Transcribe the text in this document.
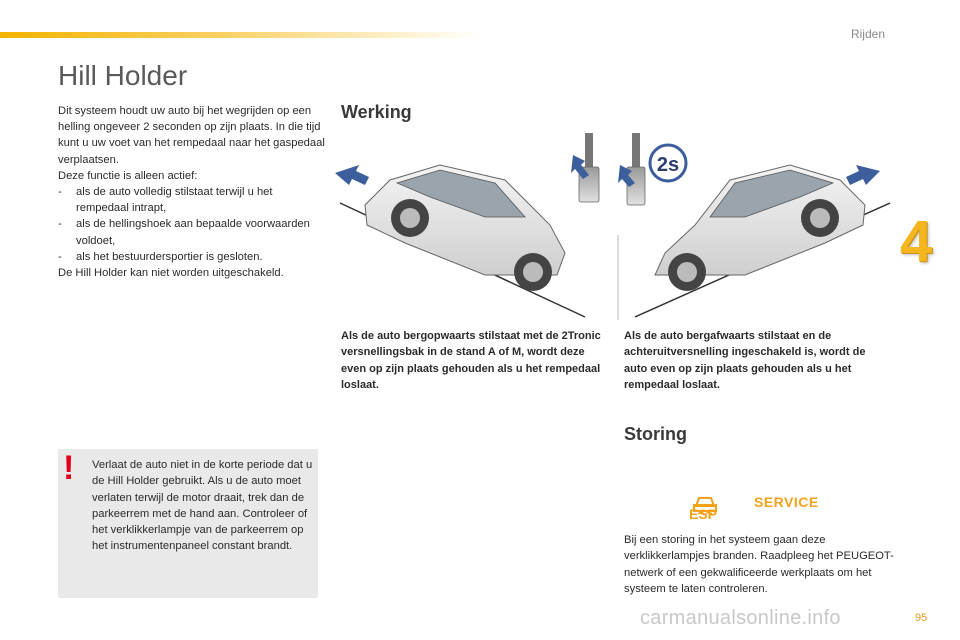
Rijden
4
Hill Holder

Dit systeem houdt uw auto bij het wegrijden op een helling ongeveer 2 seconden op zijn plaats. In die tijd kunt u uw voet van het rempedaal naar het gaspedaal verplaatsen.

Deze functie is alleen actief:

- als de auto volledig stilstaat terwijl u het rempedaal intrapt,
- als de hellingshoek aan bepaalde voorwaarden voldoet,
- als het bestuurdersportier is gesloten.

De Hill Holder kan niet worden uitgeschakeld.

! Verlaat de auto niet in de korte periode dat u de Hill Holder gebruikt. Als u de auto moet verlaten terwijl de motor draait, trek dan de parkeerrem met de hand aan. Controleer of het verklikkerlampje van de parkeerrem op het instrumentenpaneel constant brandt.

Werking
2s

Als de auto bergopwaarts stilstaat met de 2Tronic versnellingsbak in de stand A of M, wordt deze even op zijn plaats gehouden als u het rempedaal loslaat.

Als de auto bergafwaarts stilstaat en de achteruitversnelling ingeschakeld is, wordt de auto even op zijn plaats gehouden als u het rempedaal loslaat.

Storing
ESP
SERVICE

Bij een storing in het systeem gaan deze verklikkerlampjes branden. Raadpleeg het PEUGEOT-netwerk of een gekwalificeerde werkplaats om het systeem te laten controleren.

carmanualsonline.info	95
